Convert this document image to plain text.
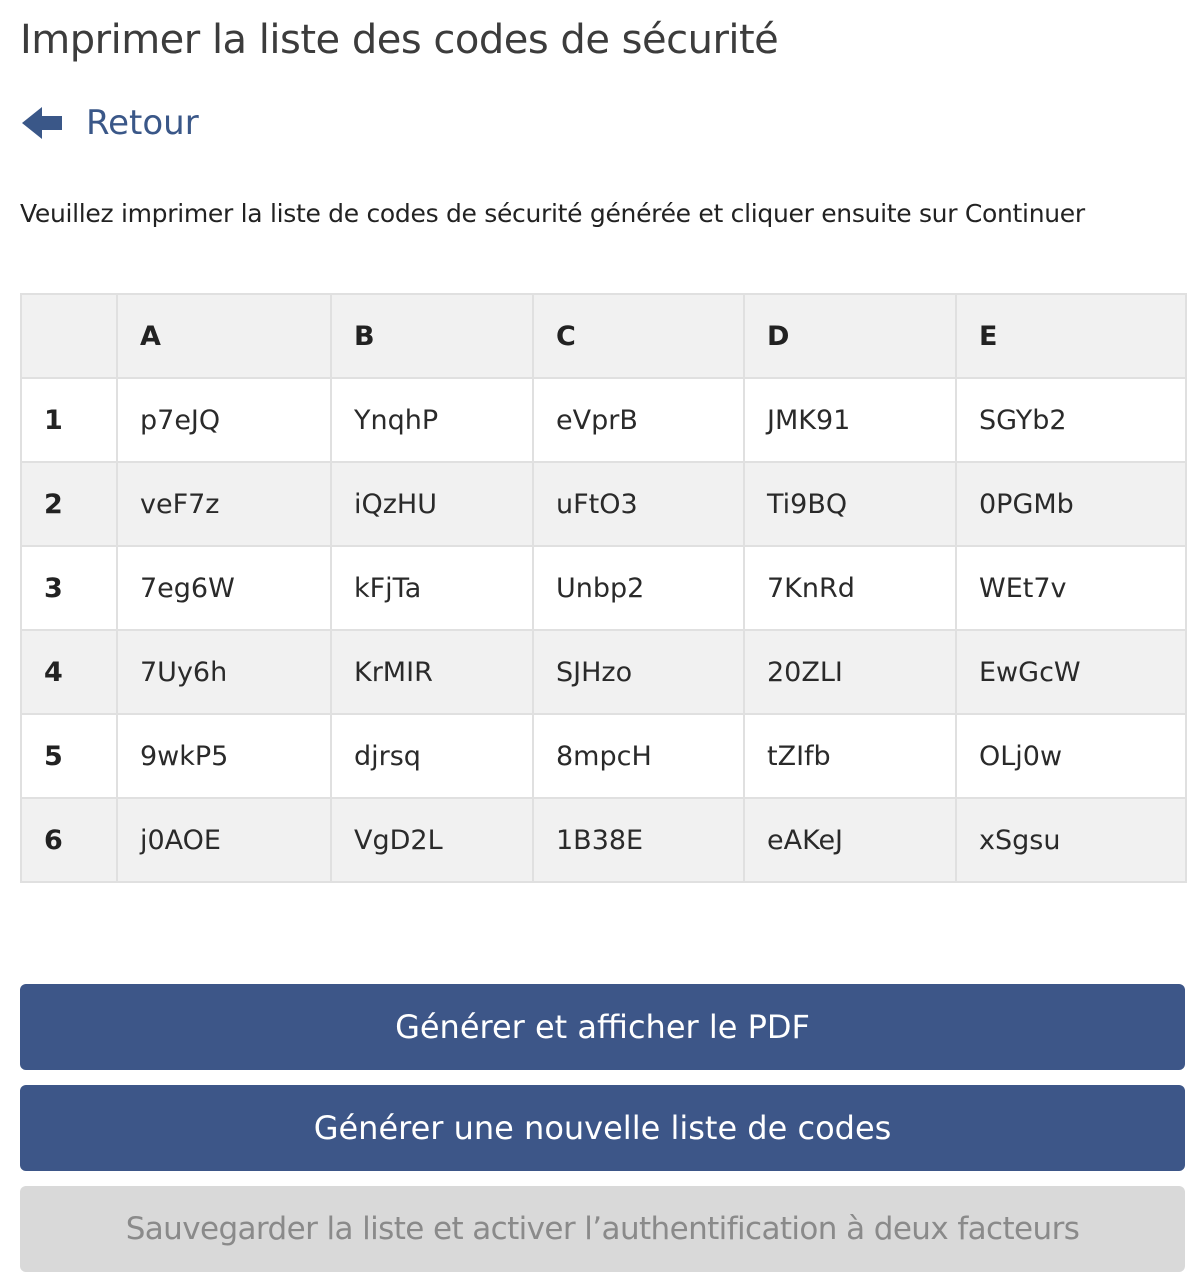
Imprimer la liste des codes de sécurité
Retour

Veuillez imprimer la liste de codes de sécurité générée et cliquer ensuite sur Continuer

	A	B	C	D	E
1	p7eJQ	YnqhP	eVprB	JMK91	SGYb2
2	veF7z	iQzHU	uFtO3	Ti9BQ	0PGMb
3	7eg6W	kFjTa	Unbp2	7KnRd	WEt7v
4	7Uy6h	KrMIR	SJHzo	20ZLI	EwGcW
5	9wkP5	djrsq	8mpcH	tZIfb	OLj0w
6	j0AOE	VgD2L	1B38E	eAKeJ	xSgsu
Générer et afficher le PDF
Générer une nouvelle liste de codes
Sauvegarder la liste et activer l’authentification à deux facteurs
